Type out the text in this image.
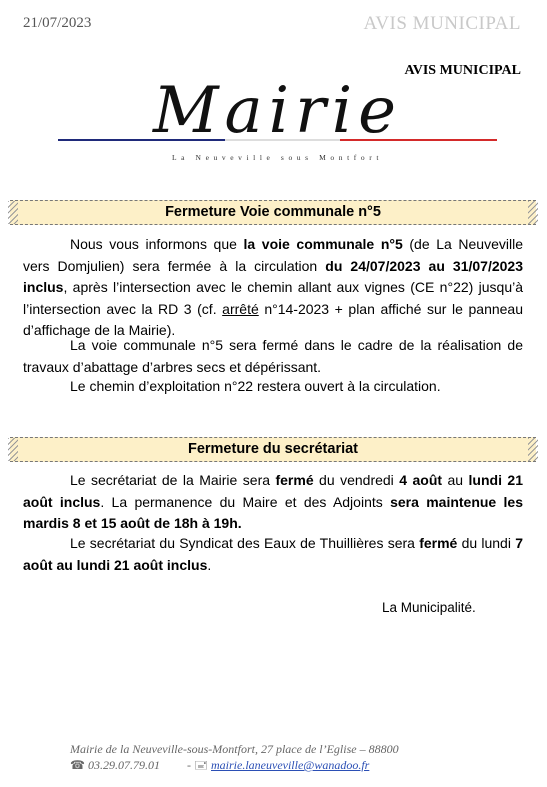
21/07/2023	AVIS MUNICIPAL
AVIS MUNICIPAL
Mairie
La Neuveville sous Montfort
Fermeture Voie communale n°5
Nous vous informons que la voie communale n°5 (de La Neuveville vers Domjulien) sera fermée à la circulation du 24/07/2023 au 31/07/2023 inclus, après l’intersection avec le chemin allant aux vignes (CE n°22) jusqu’à l’intersection avec la RD 3 (cf. arrêté n°14-2023 + plan affiché sur le panneau d’affichage de la Mairie).
La voie communale n°5 sera fermé dans le cadre de la réalisation de travaux d’abattage d’arbres secs et dépérissant.
Le chemin d’exploitation n°22 restera ouvert à la circulation.
Fermeture du secrétariat
Le secrétariat de la Mairie sera fermé du vendredi 4 août au lundi 21 août inclus. La permanence du Maire et des Adjoints sera maintenue les mardis 8 et 15 août de 18h à 19h.
Le secrétariat du Syndicat des Eaux de Thuillières sera fermé du lundi 7 août au lundi 21 août inclus.
La Municipalité.
Mairie de la Neuveville-sous-Montfort, 27 place de l’Eglise – 88800
☎ 03.29.07.79.01 - 🖃 mairie.laneuveville@wanadoo.fr
